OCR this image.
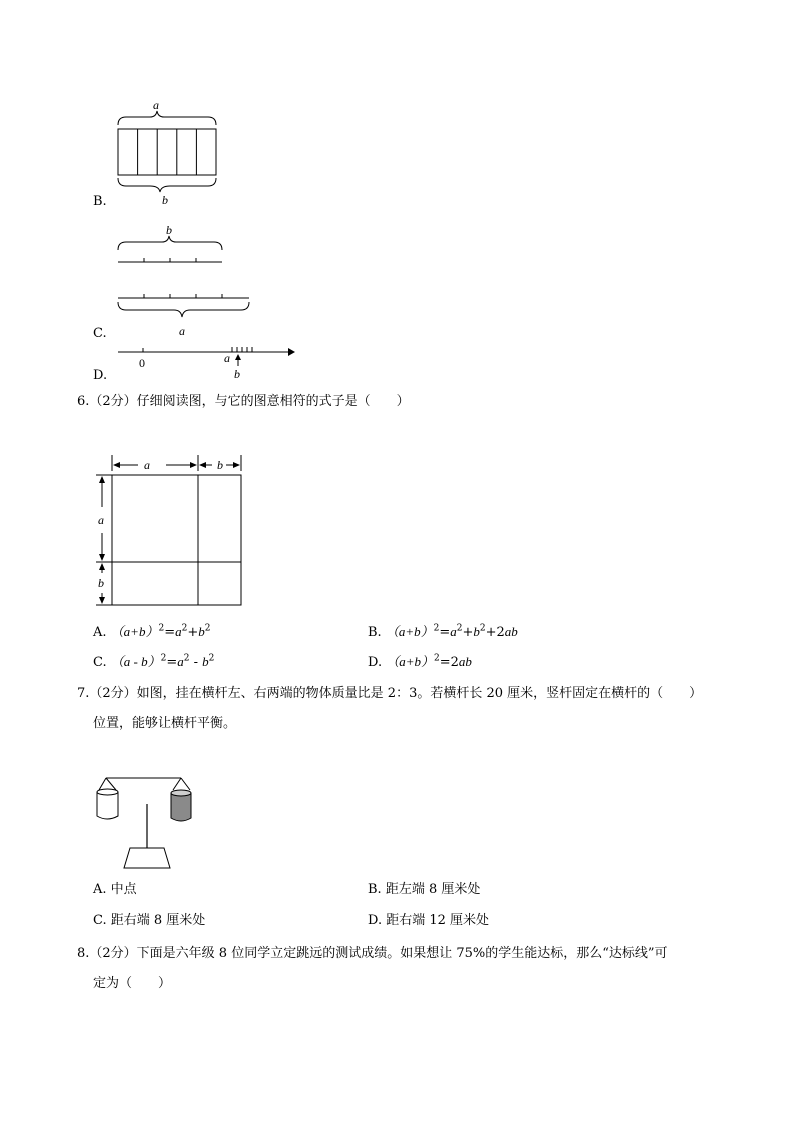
a
b
B.
b
a
C.
0	a
b
D.
6.（2分）仔细阅读图，与它的图意相符的式子是（　　）
a	b
a
b
A. $(a+b)^2=a^2+b^2$	B. $(a+b)^2=a^2+b^2+2ab$
C. $(a - b)^2=a^2 - b^2$	D. $(a+b)^2=2ab$
7.（2分）如图，挂在横杆左、右两端的物体质量比是 2：3。若横杆长 20 厘米，竖杆固定在横杆的（　　）
位置，能够让横杆平衡。
A. 中点	B. 距左端 8 厘米处
C. 距右端 8 厘米处	D. 距右端 12 厘米处
8.（2分）下面是六年级 8 位同学立定跳远的测试成绩。如果想让 75%的学生能达标，那么“达标线”可
定为（　　）
